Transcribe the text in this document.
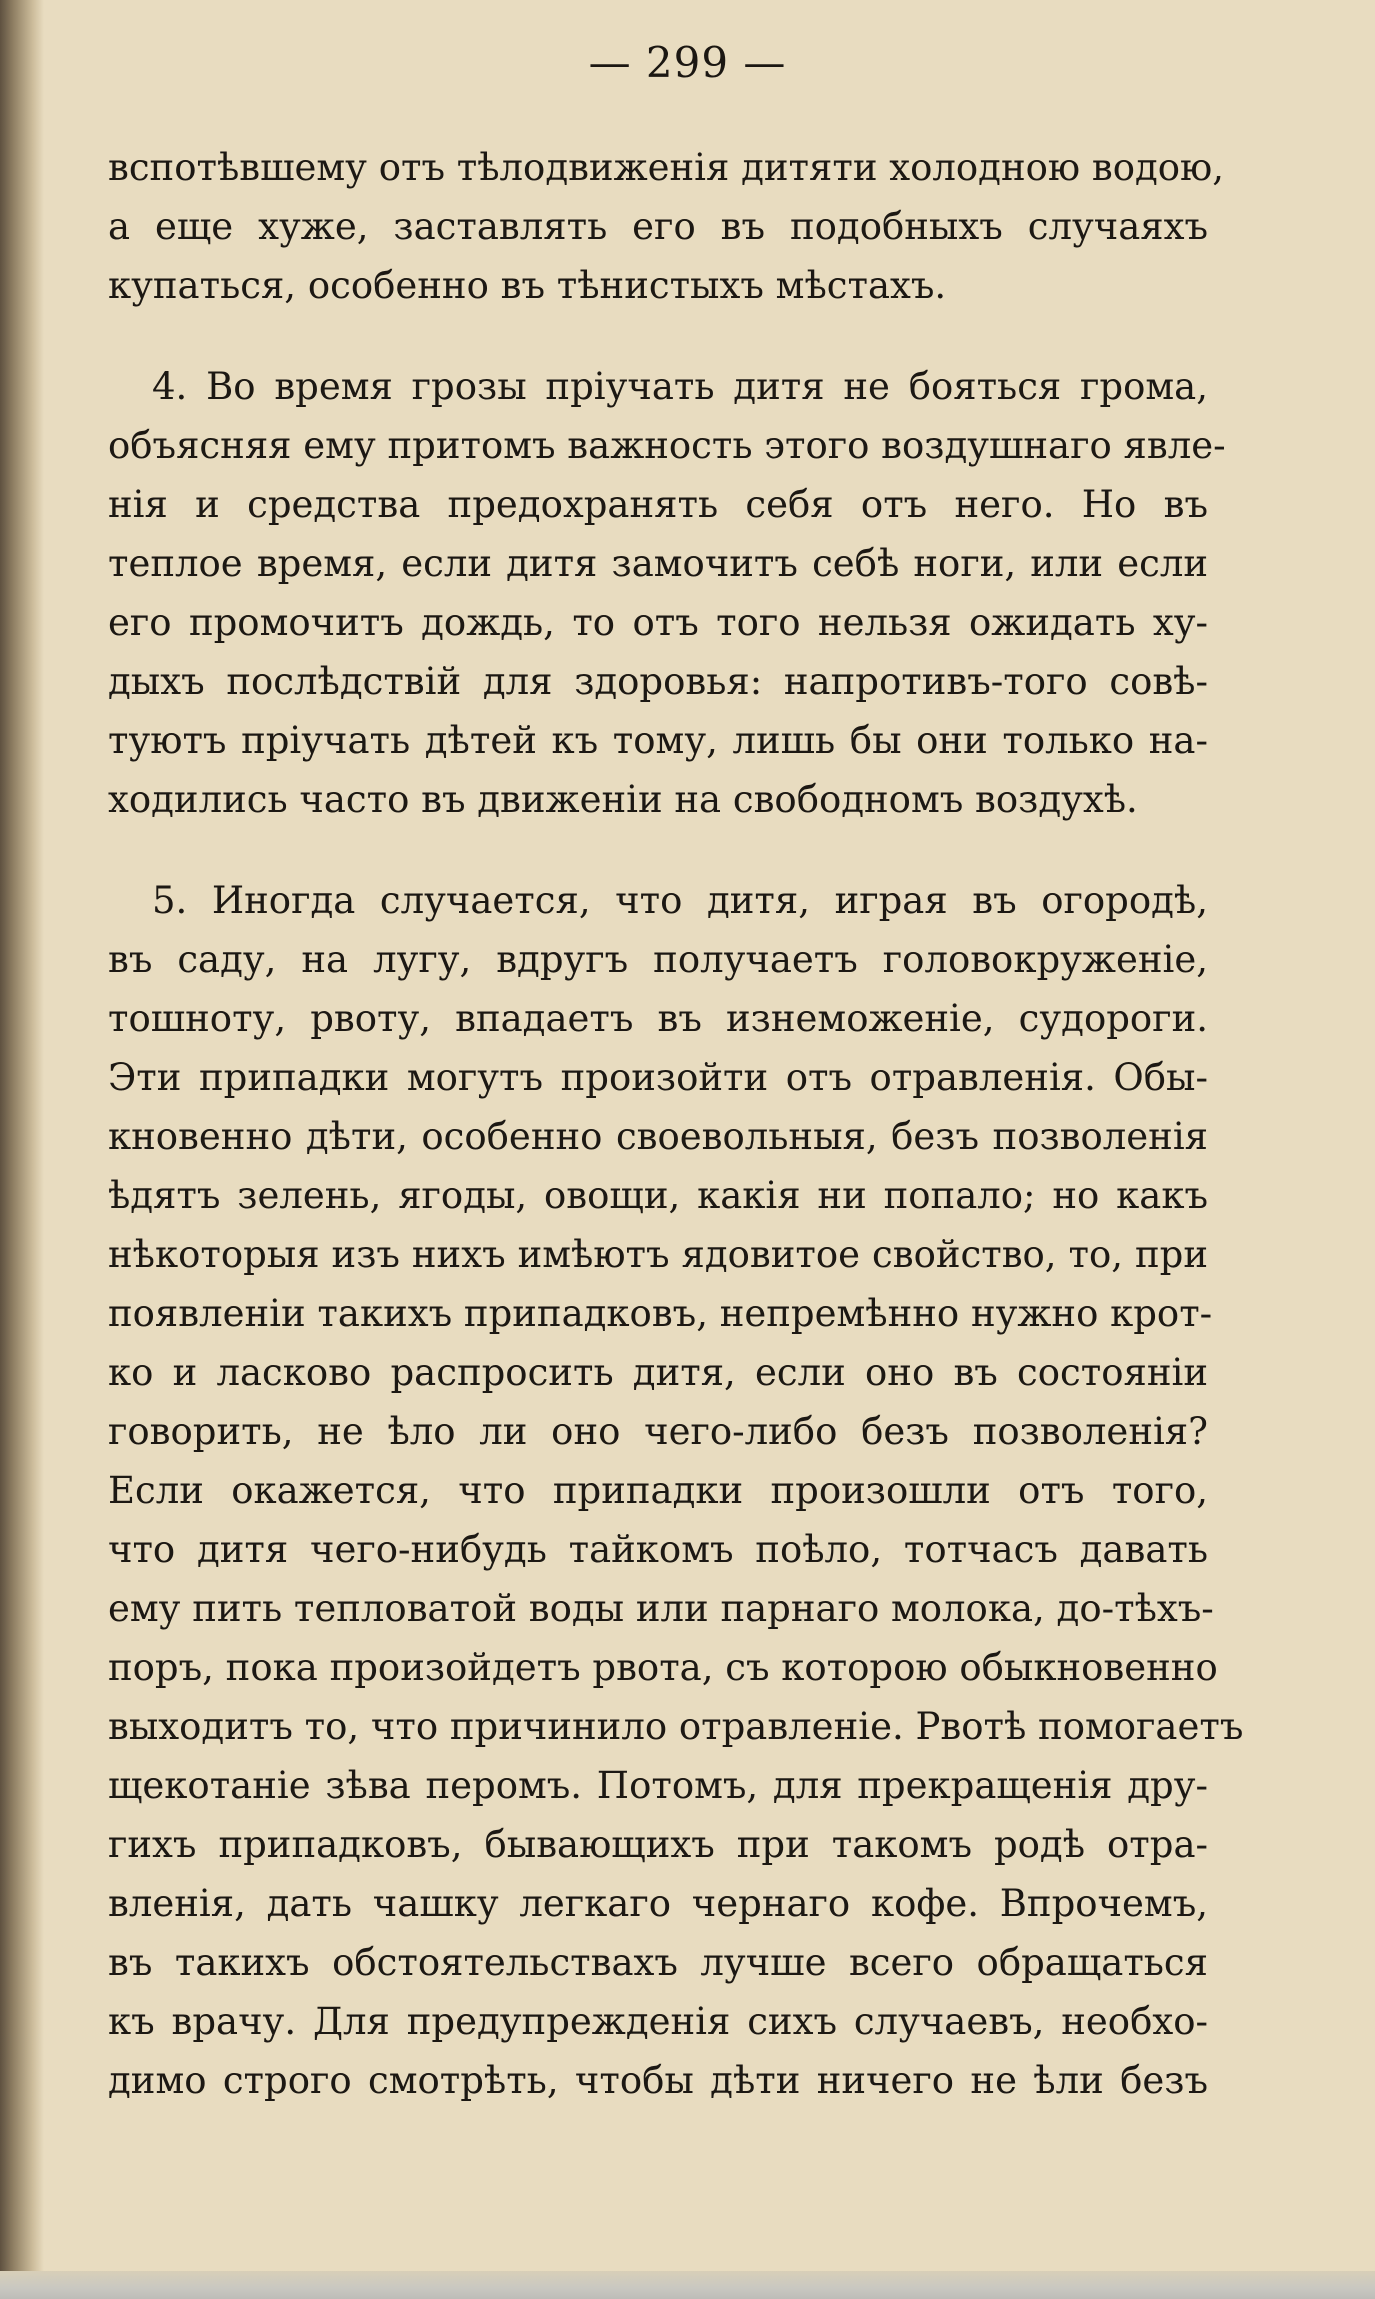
— 299 —
вспотѣвшему отъ тѣлодвиженія дитяти холодною водою,
а еще хуже, заставлять его въ подобныхъ случаяхъ
купаться, особенно въ тѣнистыхъ мѣстахъ.
4. Во время грозы пріучать дитя не бояться грома,
объясняя ему притомъ важность этого воздушнаго явле-
нія и средства предохранять себя отъ него. Но въ
теплое время, если дитя замочитъ себѣ ноги, или если
его промочитъ дождь, то отъ того нельзя ожидать ху-
дыхъ послѣдствій для здоровья: напротивъ-того совѣ-
туютъ пріучать дѣтей къ тому, лишь бы они только на-
ходились часто въ движеніи на свободномъ воздухѣ.
5. Иногда случается, что дитя, играя въ огородѣ,
въ саду, на лугу, вдругъ получаетъ головокруженіе,
тошноту, рвоту, впадаетъ въ изнеможеніе, судороги.
Эти припадки могутъ произойти отъ отравленія. Обы-
кновенно дѣти, особенно своевольныя, безъ позволенія
ѣдятъ зелень, ягоды, овощи, какія ни попало; но какъ
нѣкоторыя изъ нихъ имѣютъ ядовитое свойство, то, при
появленіи такихъ припадковъ, непремѣнно нужно крот-
ко и ласково распросить дитя, если оно въ состояніи
говорить, не ѣло ли оно чего-либо безъ позволенія?
Если окажется, что припадки произошли отъ того,
что дитя чего-нибудь тайкомъ поѣло, тотчасъ давать
ему пить тепловатой воды или парнаго молока, до-тѣхъ-
поръ, пока произойдетъ рвота, съ которою обыкновенно
выходитъ то, что причинило отравленіе. Рвотѣ помогаетъ
щекотаніе зѣва перомъ. Потомъ, для прекращенія дру-
гихъ припадковъ, бывающихъ при такомъ родѣ отра-
вленія, дать чашку легкаго чернаго кофе. Впрочемъ,
въ такихъ обстоятельствахъ лучше всего обращаться
къ врачу. Для предупрежденія сихъ случаевъ, необхо-
димо строго смотрѣть, чтобы дѣти ничего не ѣли безъ
